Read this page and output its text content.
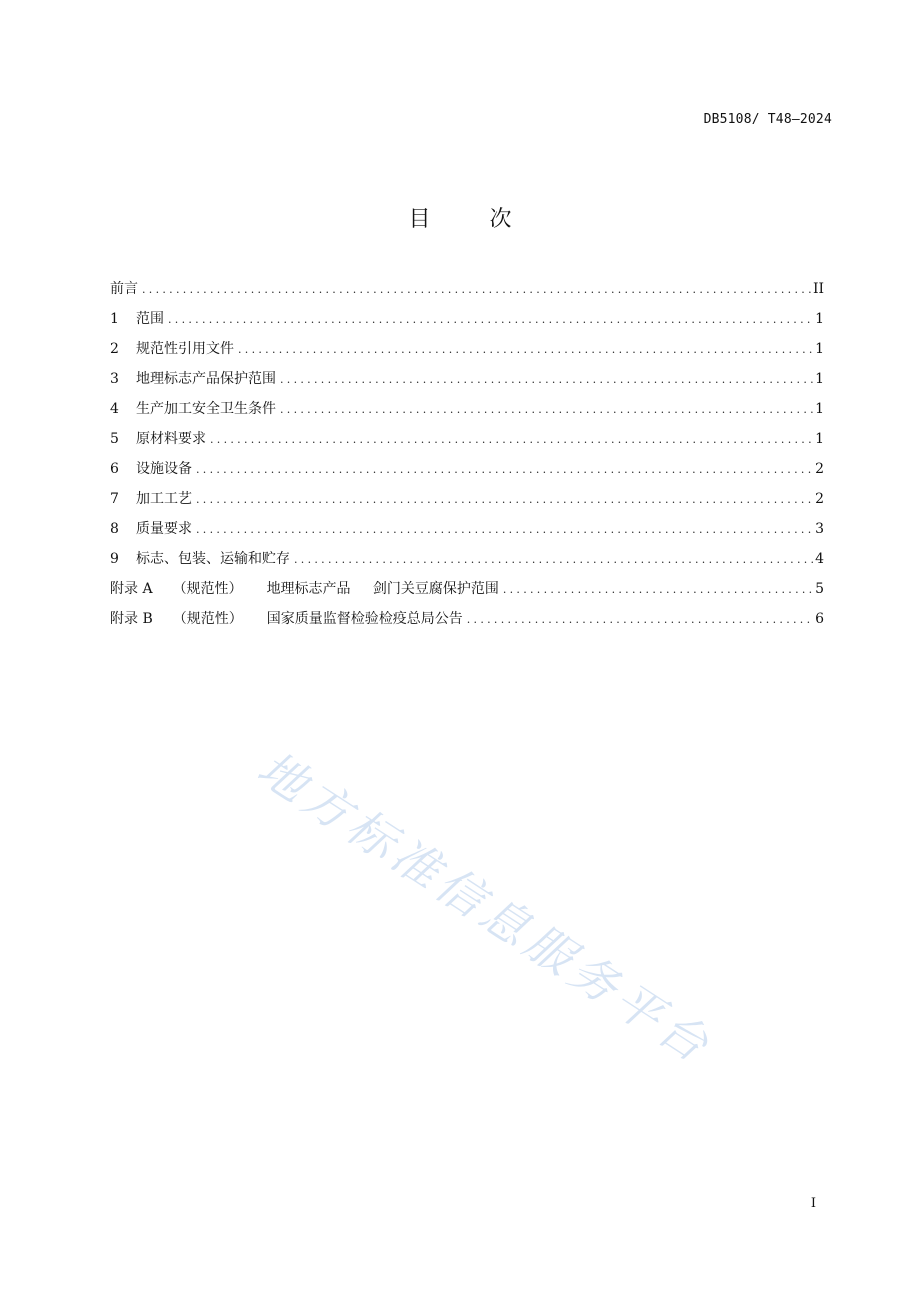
DB5108/ T48—2024
目 次
前言 .....	II
1	范围 .....	1
2	规范性引用文件 .....	1
3	地理标志产品保护范围 .....	1
4	生产加工安全卫生条件 .....	1
5	原材料要求 .....	1
6	设施设备 .....	2
7	加工工艺 .....	2
8	质量要求 .....	3
9	标志、包装、运输和贮存 .....	4
附录 A	（规范性）	地理标志产品     剑门关豆腐保护范围 .....	5
附录 B	（规范性）	国家质量监督检验检疫总局公告 .....	6
地方标准信息服务平台
I
